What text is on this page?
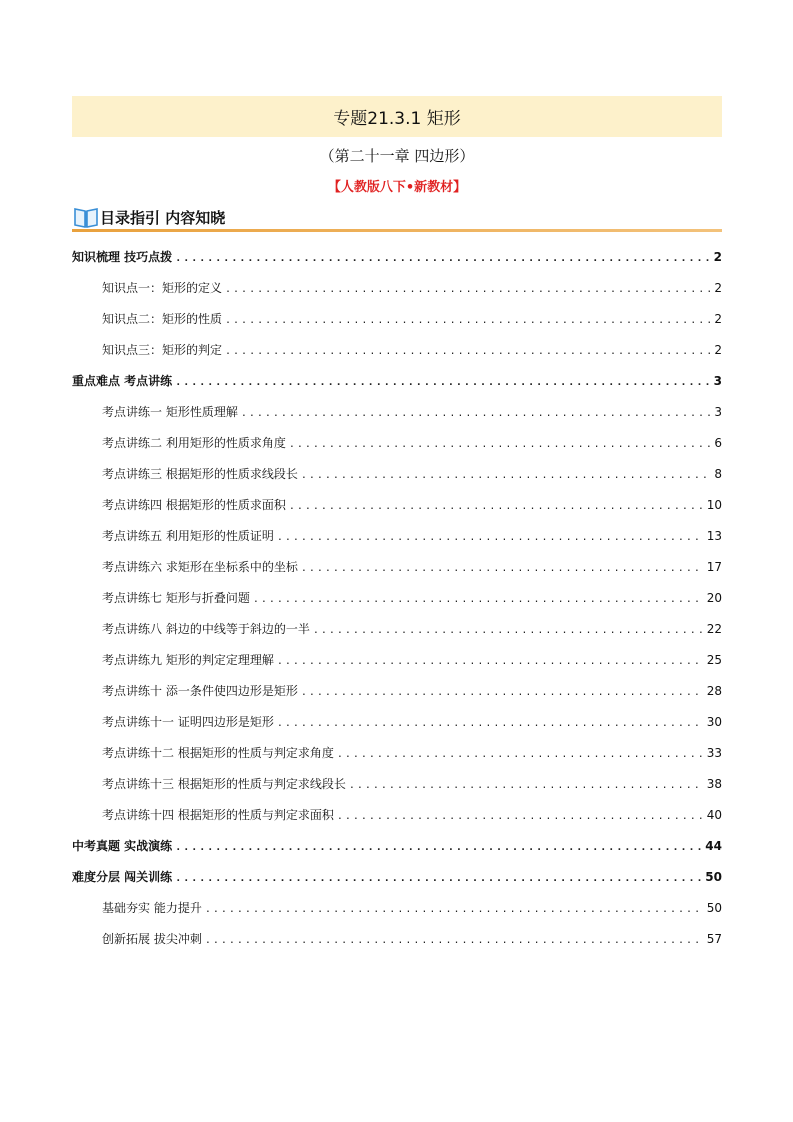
专题21.3.1 矩形
（第二十一章 四边形）
【人教版八下•新教材】
目录指引 内容知晓
知识梳理 技巧点拨 .....	2
知识点一：矩形的定义 .....	2
知识点二：矩形的性质 .....	2
知识点三：矩形的判定 .....	2
重点难点 考点讲练 .....	3
考点讲练一 矩形性质理解 .....	3
考点讲练二 利用矩形的性质求角度 .....	6
考点讲练三 根据矩形的性质求线段长 .....	8
考点讲练四 根据矩形的性质求面积 .....	10
考点讲练五 利用矩形的性质证明 .....	13
考点讲练六 求矩形在坐标系中的坐标 .....	17
考点讲练七 矩形与折叠问题 .....	20
考点讲练八 斜边的中线等于斜边的一半 .....	22
考点讲练九 矩形的判定定理理解 .....	25
考点讲练十 添一条件使四边形是矩形 .....	28
考点讲练十一 证明四边形是矩形 .....	30
考点讲练十二 根据矩形的性质与判定求角度 .....	33
考点讲练十三 根据矩形的性质与判定求线段长 .....	38
考点讲练十四 根据矩形的性质与判定求面积 .....	40
中考真题 实战演练 .....	44
难度分层 闯关训练 .....	50
基础夯实 能力提升 .....	50
创新拓展 拔尖冲刺 .....	57
